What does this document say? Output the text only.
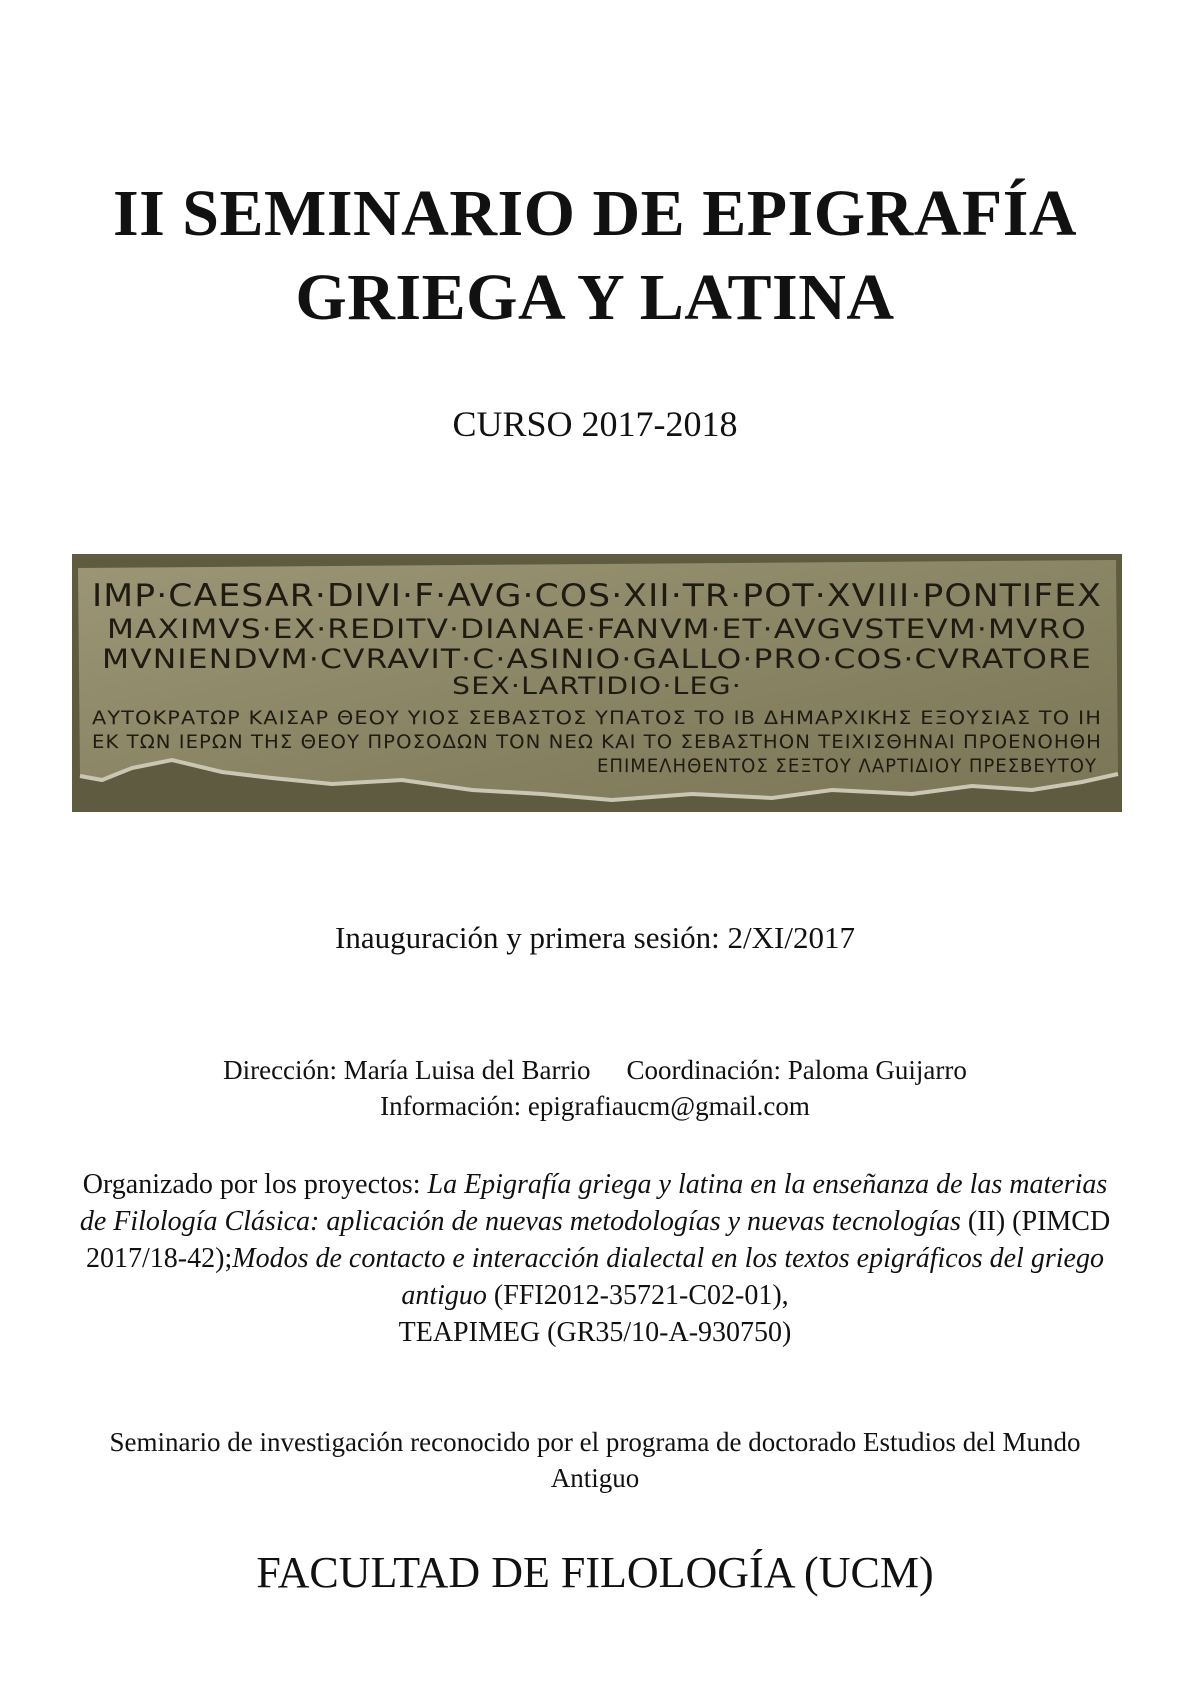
II SEMINARIO DE EPIGRAFÍA
GRIEGA Y LATINA
CURSO 2017-2018
IMP·CAESAR·DIVI·F·AVG·COS·XII·TR·POT·XVIII·PONTIFEX
MAXIMVS·EX·REDITV·DIANAE·FANVM·ET·AVGVSTEVM·MVRO
MVNIENDVM·CVRAVIT·C·ASINIO·GALLO·PRO·COS·CVRATORE
SEX·LARTIDIO·LEG·
ΑΥΤΟΚΡΑΤΩΡ ΚΑΙΣΑΡ ΘΕΟΥ ΥΙΟΣ ΣΕΒΑΣΤΟΣ ΥΠΑΤΟΣ ΤΟ ΙΒ ΔΗΜΑΡΧΙΚΗΣ ΕΞΟΥΣΙΑΣ ΤΟ ΙΗ
ΕΚ ΤΩΝ ΙΕΡΩΝ ΤΗΣ ΘΕΟΥ ΠΡΟΣΟΔΩΝ ΤΟΝ ΝΕΩ ΚΑΙ ΤΟ ΣΕΒΑΣΤΗΟΝ ΤΕΙΧΙΣΘΗΝΑΙ ΠΡΟΕΝΟΗΘΗ
ΕΠΙΜΕΛΗΘΕΝΤΟΣ ΣΕΞΤΟΥ ΛΑΡΤΙΔΙΟΥ ΠΡΕΣΒΕΥΤΟΥ
Inauguración y primera sesión: 2/XI/2017
Dirección: María Luisa del Barrio Coordinación: Paloma Guijarro
Información: epigrafiaucm@gmail.com
Organizado por los proyectos: La Epigrafía griega y latina en la enseñanza de las materias de Filología Clásica: aplicación de nuevas metodologías y nuevas tecnologías (II) (PIMCD 2017/18-42);Modos de contacto e interacción dialectal en los textos epigráficos del griego antiguo (FFI2012-35721-C02-01),
TEAPIMEG (GR35/10-A-930750)
Seminario de investigación reconocido por el programa de doctorado Estudios del Mundo Antiguo
FACULTAD DE FILOLOGÍA (UCM)
